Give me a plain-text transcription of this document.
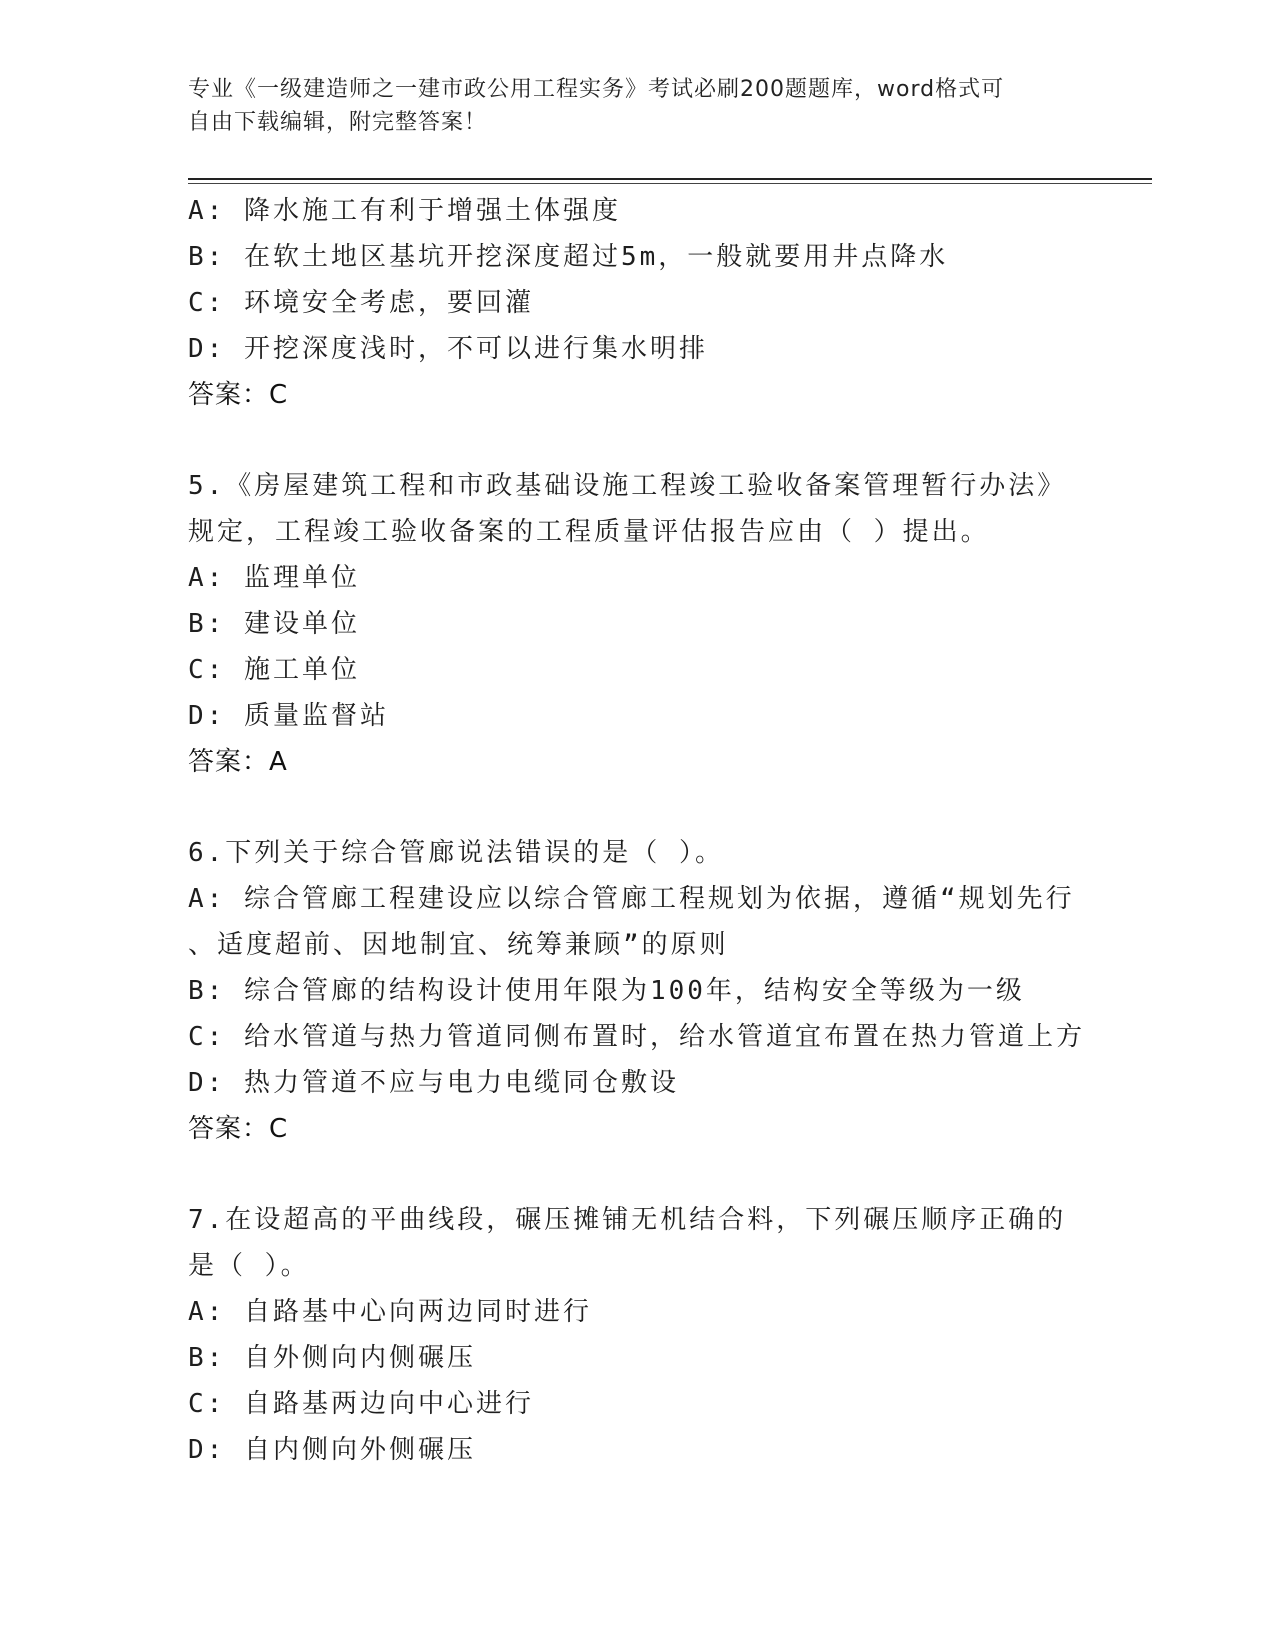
专业《一级建造师之一建市政公用工程实务》考试必刷200题题库，word格式可
自由下载编辑，附完整答案！
A: 降水施工有利于增强土体强度
B: 在软土地区基坑开挖深度超过5m，一般就要用井点降水
C: 环境安全考虑，要回灌
D: 开挖深度浅时，不可以进行集水明排
答案：C
5.《房屋建筑工程和市政基础设施工程竣工验收备案管理暂行办法》
规定，工程竣工验收备案的工程质量评估报告应由（ ）提出。
A: 监理单位
B: 建设单位
C: 施工单位
D: 质量监督站
答案：A
6.下列关于综合管廊说法错误的是（ ）。
A: 综合管廊工程建设应以综合管廊工程规划为依据，遵循“规划先行
、适度超前、因地制宜、统筹兼顾”的原则
B: 综合管廊的结构设计使用年限为100年，结构安全等级为一级
C: 给水管道与热力管道同侧布置时，给水管道宜布置在热力管道上方
D: 热力管道不应与电力电缆同仓敷设
答案：C
7.在设超高的平曲线段，碾压摊铺无机结合料，下列碾压顺序正确的
是（ ）。
A: 自路基中心向两边同时进行
B: 自外侧向内侧碾压
C: 自路基两边向中心进行
D: 自内侧向外侧碾压
